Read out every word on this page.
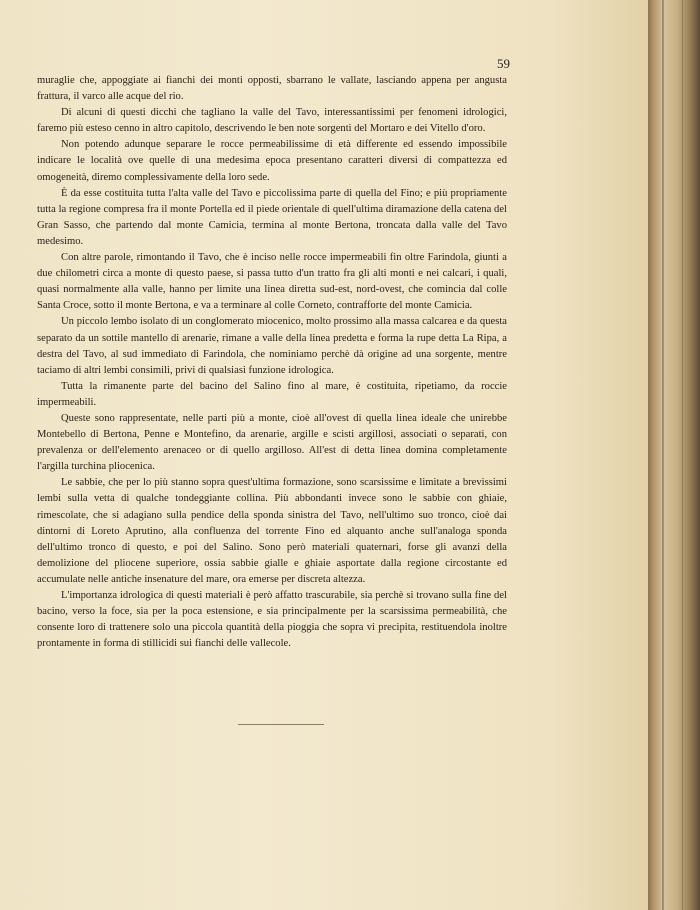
59

muraglie che, appoggiate ai fianchi dei monti opposti, sbarrano le vallate, lasciando appena per angusta frattura, il varco alle acque del rio.

Di alcuni di questi dicchi che tagliano la valle del Tavo, interessantissimi per fenomeni idrologici, faremo più esteso cenno in altro capitolo, descrivendo le ben note sorgenti del Mortaro e dei Vitello d'oro.

Non potendo adunque separare le rocce permeabilissime di età differente ed essendo impossibile indicare le località ove quelle di una medesima epoca presentano caratteri diversi di compattezza ed omogeneità, diremo complessivamente della loro sede.

È da esse costituita tutta l'alta valle del Tavo e piccolissima parte di quella del Fino; e più propriamente tutta la regione compresa fra il monte Portella ed il piede orientale di quell'ultima diramazione della catena del Gran Sasso, che partendo dal monte Camicia, termina al monte Bertona, troncata dalla valle del Tavo medesimo.

Con altre parole, rimontando il Tavo, che è inciso nelle rocce impermeabili fin oltre Farindola, giunti a due chilometri circa a monte di questo paese, si passa tutto d'un tratto fra gli alti monti e nei calcari, i quali, quasi normalmente alla valle, hanno per limite una linea diretta sud-est, nord-ovest, che comincia dal colle Santa Croce, sotto il monte Bertona, e va a terminare al colle Corneto, contrafforte del monte Camicia.

Un piccolo lembo isolato di un conglomerato miocenico, molto prossimo alla massa calcarea e da questa separato da un sottile mantello di arenarie, rimane a valle della linea predetta e forma la rupe detta La Ripa, a destra del Tavo, al sud immediato di Farindola, che nominiamo perchè dà origine ad una sorgente, mentre taciamo di altri lembi consimili, privi di qualsiasi funzione idrologica.

Tutta la rimanente parte del bacino del Salino fino al mare, è costituita, ripetiamo, da roccie impermeabili.

Queste sono rappresentate, nelle parti più a monte, cioè all'ovest di quella linea ideale che unirebbe Montebello di Bertona, Penne e Montefino, da arenarie, argille e scisti argillosi, associati o separati, con prevalenza or dell'elemento arenaceo or di quello argilloso. All'est di detta linea domina completamente l'argilla turchina pliocenica.

Le sabbie, che per lo più stanno sopra quest'ultima formazione, sono scarsissime e limitate a brevissimi lembi sulla vetta di qualche tondeggiante collina. Più abbondanti invece sono le sabbie con ghiaie, rimescolate, che si adagiano sulla pendice della sponda sinistra del Tavo, nell'ultimo suo tronco, cioè dai dintorni di Loreto Aprutino, alla confluenza del torrente Fino ed alquanto anche sull'analoga sponda dell'ultimo tronco di questo, e poi del Salino. Sono però materiali quaternari, forse gli avanzi della demolizione del pliocene superiore, ossia sabbie gialle e ghiaie asportate dalla regione circostante ed accumulate nelle antiche insenature del mare, ora emerse per discreta altezza.

L'importanza idrologica di questi materiali è però affatto trascurabile, sia perchè si trovano sulla fine del bacino, verso la foce, sia per la poca estensione, e sia principalmente per la scarsissima permeabilità, che consente loro di trattenere solo una piccola quantità della pioggia che sopra vi precipita, restituendola inoltre prontamente in forma di stillicidi sui fianchi delle vallecole.
